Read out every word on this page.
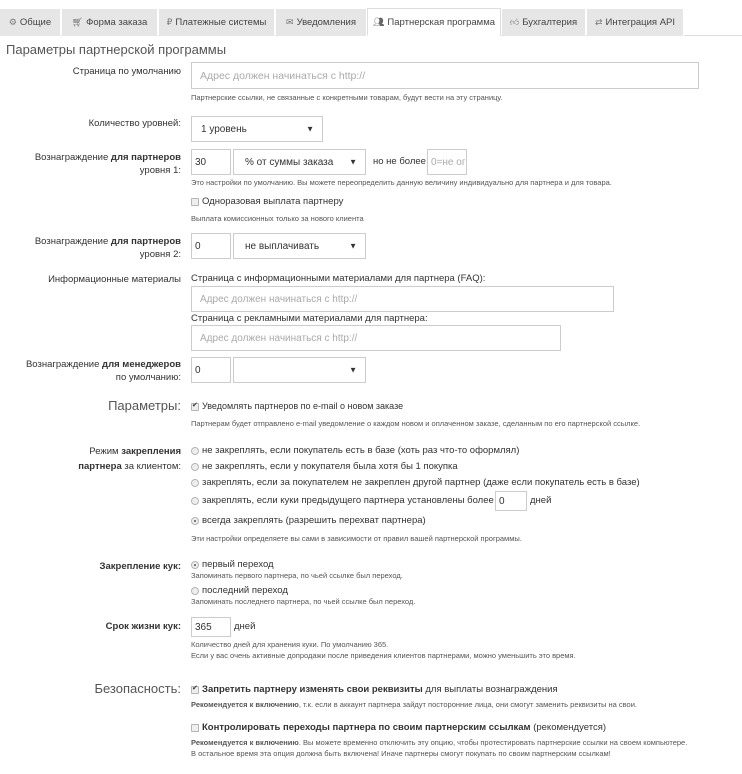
⚙ Общие	🛒︎ Форма заказа	₽ Платежные системы	✉ Уведомления	👥︎ Партнерская программа	👍︎ Бухгалтерия	⇄ Интеграция API
Параметры партнерской программы
Страница по умолчанию	Адрес должен начинаться с http://
Партнерские ссылки, не связанные с конкретными товарам, будут вести на эту страницу.
Количество уровней: 1 уровень	▼
Вознаграждение для партнеров
уровня 1:
30	% от суммы заказа ▼ но не более 0=не ог
Это настройки по умолчанию. Вы можете переопределить данную величину индивидуально для партнера и для товара.
Одноразовая выплата партнеру
Выплата комиссионных только за нового клиента
Вознаграждение для партнеров
уровня 2:
0	не выплачивать	▼
Информационные материалы Страница с информационными материалами для партнера (FAQ):
Адрес должен начинаться с http://
Страница с рекламными материалами для партнера:
Адрес должен начинаться с http://
Вознаграждение для менеджеров
по умолчанию:
0	▼
Параметры: ✔ Уведомлять партнеров по e-mail о новом заказе
Партнерам будет отправлено e-mail уведомление о каждом новом и оплаченном заказе, сделанным по его партнерской ссылке.
Режим закрепления
партнера за клиентом:
не закреплять, если покупатель есть в базе (хоть раз что-то оформлял)
не закреплять, если у покупателя была хотя бы 1 покупка
закреплять, если за покупателем не закреплен другой партнер (даже если покупатель есть в базе)
закреплять, если куки предыдущего партнера установлены более 0	дней
всегда закреплять (разрешить перехват партнера)
Эти настройки определяете вы сами в зависимости от правил вашей партнерской программы.
Закрепление кук: первый переход
Запоминать первого партнера, по чьей ссылке был переход.
последний переход
Запоминать последнего партнера, по чьей ссылке был переход.
Срок жизни кук:	365	дней
Количество дней для хранения куки. По умолчанию 365.
Если у вас очень активные допродажи после приведения клиентов партнерами, можно уменьшить это время.
Безопасность: ✔ Запретить партнеру изменять свои реквизиты для выплаты вознаграждения
Рекомендуется к включению, т.к. если в аккаунт партнера зайдут посторонние лица, они смогут заменить реквизиты на свои.
Контролировать переходы партнера по своим партнерским ссылкам (рекомендуется)
Рекомендуется к включению. Вы можете временно отключить эту опцию, чтобы протестировать партнерские ссылки на своем компьютере.
В остальное время эта опция должна быть включена! Иначе партнеры смогут покупать по своим партнерским ссылкам!
